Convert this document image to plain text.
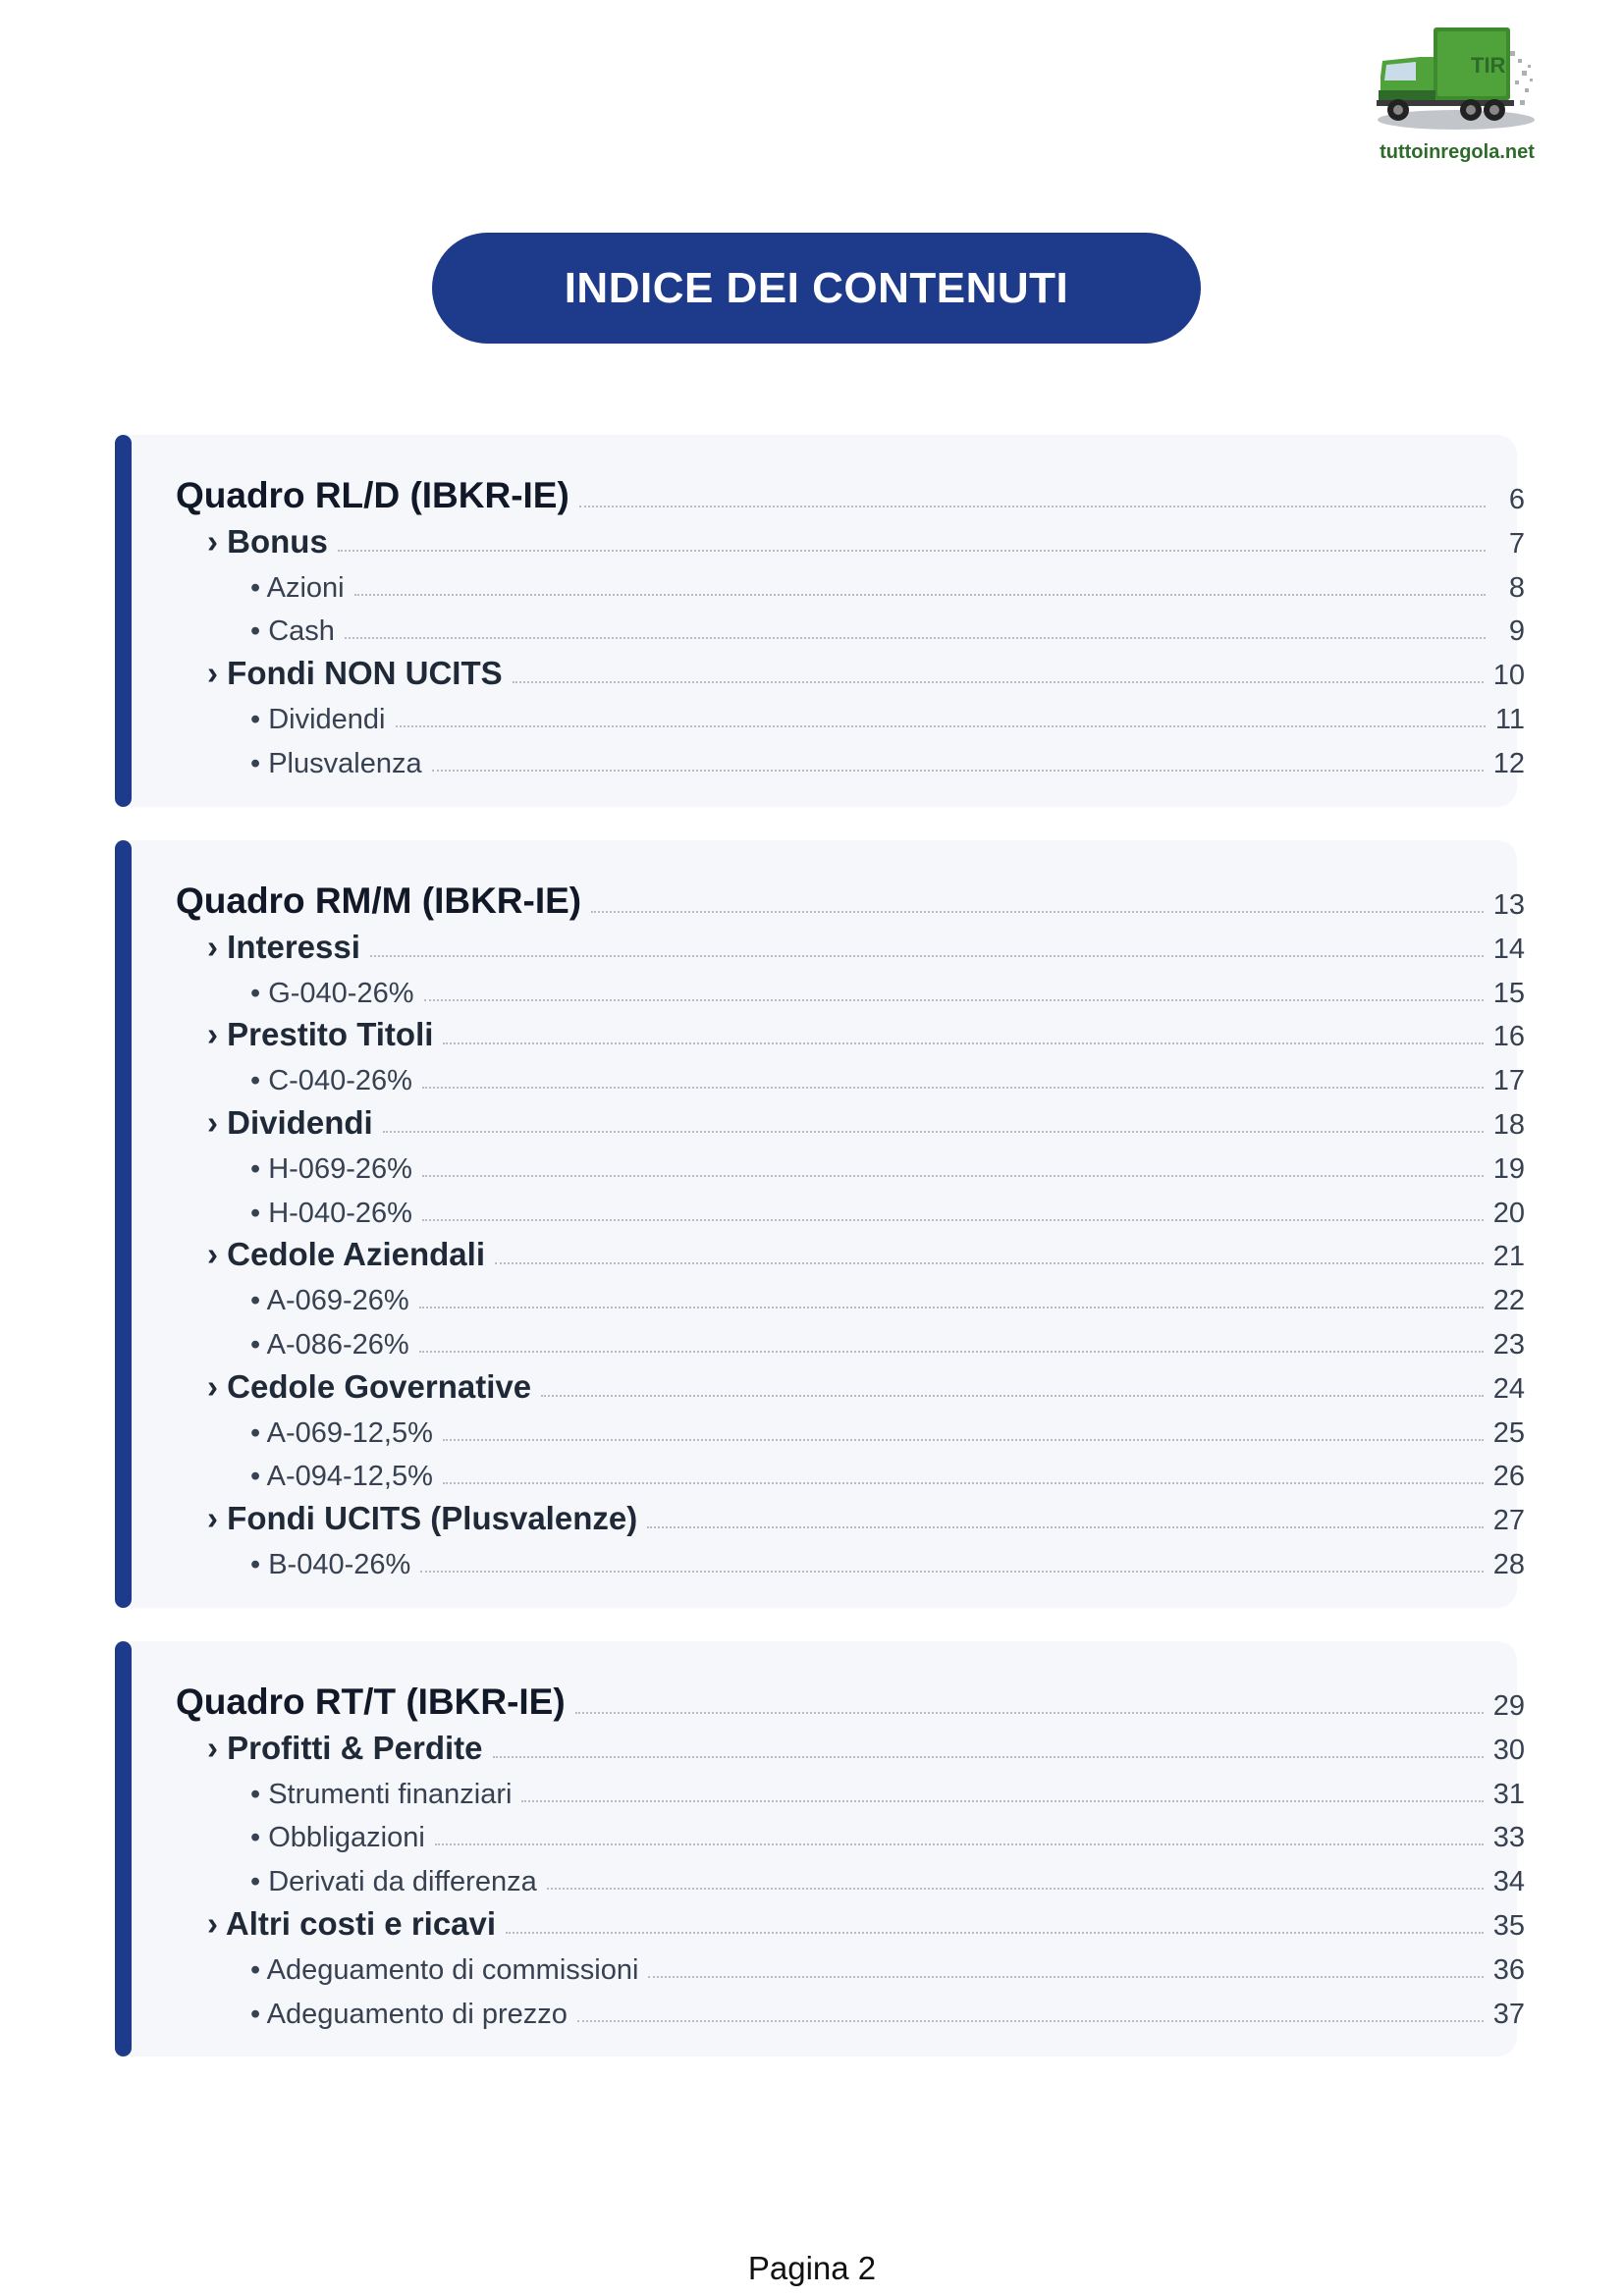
TIR
tuttoinregola.net
INDICE DEI CONTENUTI
Quadro RL/D (IBKR-IE)	6
› Bonus	7
• Azioni	8
• Cash	9
› Fondi NON UCITS	10
• Dividendi	11
• Plusvalenza	12
Quadro RM/M (IBKR-IE)	13
› Interessi	14
• G-040-26%	15
› Prestito Titoli	16
• C-040-26%	17
› Dividendi	18
• H-069-26%	19
• H-040-26%	20
› Cedole Aziendali	21
• A-069-26%	22
• A-086-26%	23
› Cedole Governative	24
• A-069-12,5%	25
• A-094-12,5%	26
› Fondi UCITS (Plusvalenze)	27
• B-040-26%	28
Quadro RT/T (IBKR-IE)	29
› Profitti & Perdite	30
• Strumenti finanziari	31
• Obbligazioni	33
• Derivati da differenza	34
› Altri costi e ricavi	35
• Adeguamento di commissioni	36
• Adeguamento di prezzo	37
Pagina 2
